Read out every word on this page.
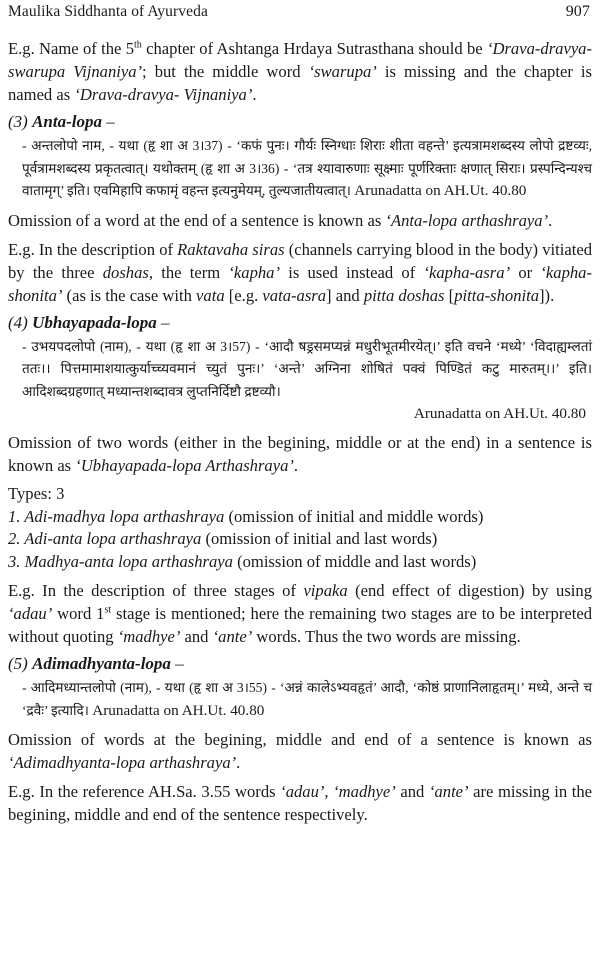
Maulika Siddhanta of Ayurveda	907

E.g. Name of the 5th chapter of Ashtanga Hrdaya Sutrasthana should be ‘Drava-dravya-swarupa Vijnaniya’; but the middle word ‘swarupa’ is missing and the chapter is named as ‘Drava-dravya- Vijnaniya’.

(3) Anta-lopa –

- अन्तलोपो नाम, - यथा (हृ शा अ 3।37) - ‘कफं पुनः। गौर्यः स्निग्धाः शिराः शीता वहन्ते’ इत्यत्रामशब्दस्य लोपो द्रष्टव्यः, पूर्वत्रामशब्दस्य प्रकृतत्वात्। यथोक्तम् (हृ शा अ 3।36) - ‘तत्र श्यावारुणाः सूक्ष्माः पूर्णरिक्ताः क्षणात् सिराः। प्रस्पन्दिन्यश्च वातामृग्’ इति। एवमिहापि कफामृं वहन्त इत्यनुमेयम्, तुल्यजातीयत्वात्। Arunadatta on AH.Ut. 40.80

Omission of a word at the end of a sentence is known as ‘Anta-lopa arthashraya’.

E.g. In the description of Raktavaha siras (channels carrying blood in the body) vitiated by the three doshas, the term ‘kapha’ is used instead of ‘kapha-asra’ or ‘kapha-shonita’ (as is the case with vata [e.g. vata-asra] and pitta doshas [pitta-shonita]).

(4) Ubhayapada-lopa –

- उभयपदलोपो (नाम), - यथा (हृ शा अ 3।57) - ‘आदौ षड्रसमप्यन्नं मधुरीभूतमीरयेत्।’ इति वचने ‘मध्ये’ ‘विदाह्यम्लतां ततः।। पित्तमामाशयात्कुर्याच्च्यवमानं च्युतं पुनः।’ ‘अन्ते’ अग्निना शोषितं पक्वं पिण्डितं कटु मारुतम्।।’ इति। आदिशब्दग्रहणात् मध्यान्तशब्दावत्र लुप्तनिर्दिष्टौ द्रष्टव्यौ।

Arunadatta on AH.Ut. 40.80

Omission of two words (either in the begining, middle or at the end) in a sentence is known as ‘Ubhayapada-lopa Arthashraya’.

Types: 3
1. Adi-madhya lopa arthashraya (omission of initial and middle words)
2. Adi-anta lopa arthashraya (omission of initial and last words)
3. Madhya-anta lopa arthashraya (omission of middle and last words)

E.g. In the description of three stages of vipaka (end effect of digestion) by using ‘adau’ word 1st stage is mentioned; here the remaining two stages are to be interpreted without quoting ‘madhye’ and ‘ante’ words. Thus the two words are missing.

(5) Adimadhyanta-lopa –

- आदिमध्यान्तलोपो (नाम), - यथा (हृ शा अ 3।55) - ‘अन्नं कालेऽभ्यवहृतं’ आदौ, ‘कोष्ठं प्राणानिलाहृतम्।’ मध्ये, अन्ते च ‘द्रवैः’ इत्यादि। Arunadatta on AH.Ut. 40.80

Omission of words at the begining, middle and end of a sentence is known as ‘Adimadhyanta-lopa arthashraya’.

E.g. In the reference AH.Sa. 3.55 words ‘adau’, ‘madhye’ and ‘ante’ are missing in the begining, middle and end of the sentence respectively.
